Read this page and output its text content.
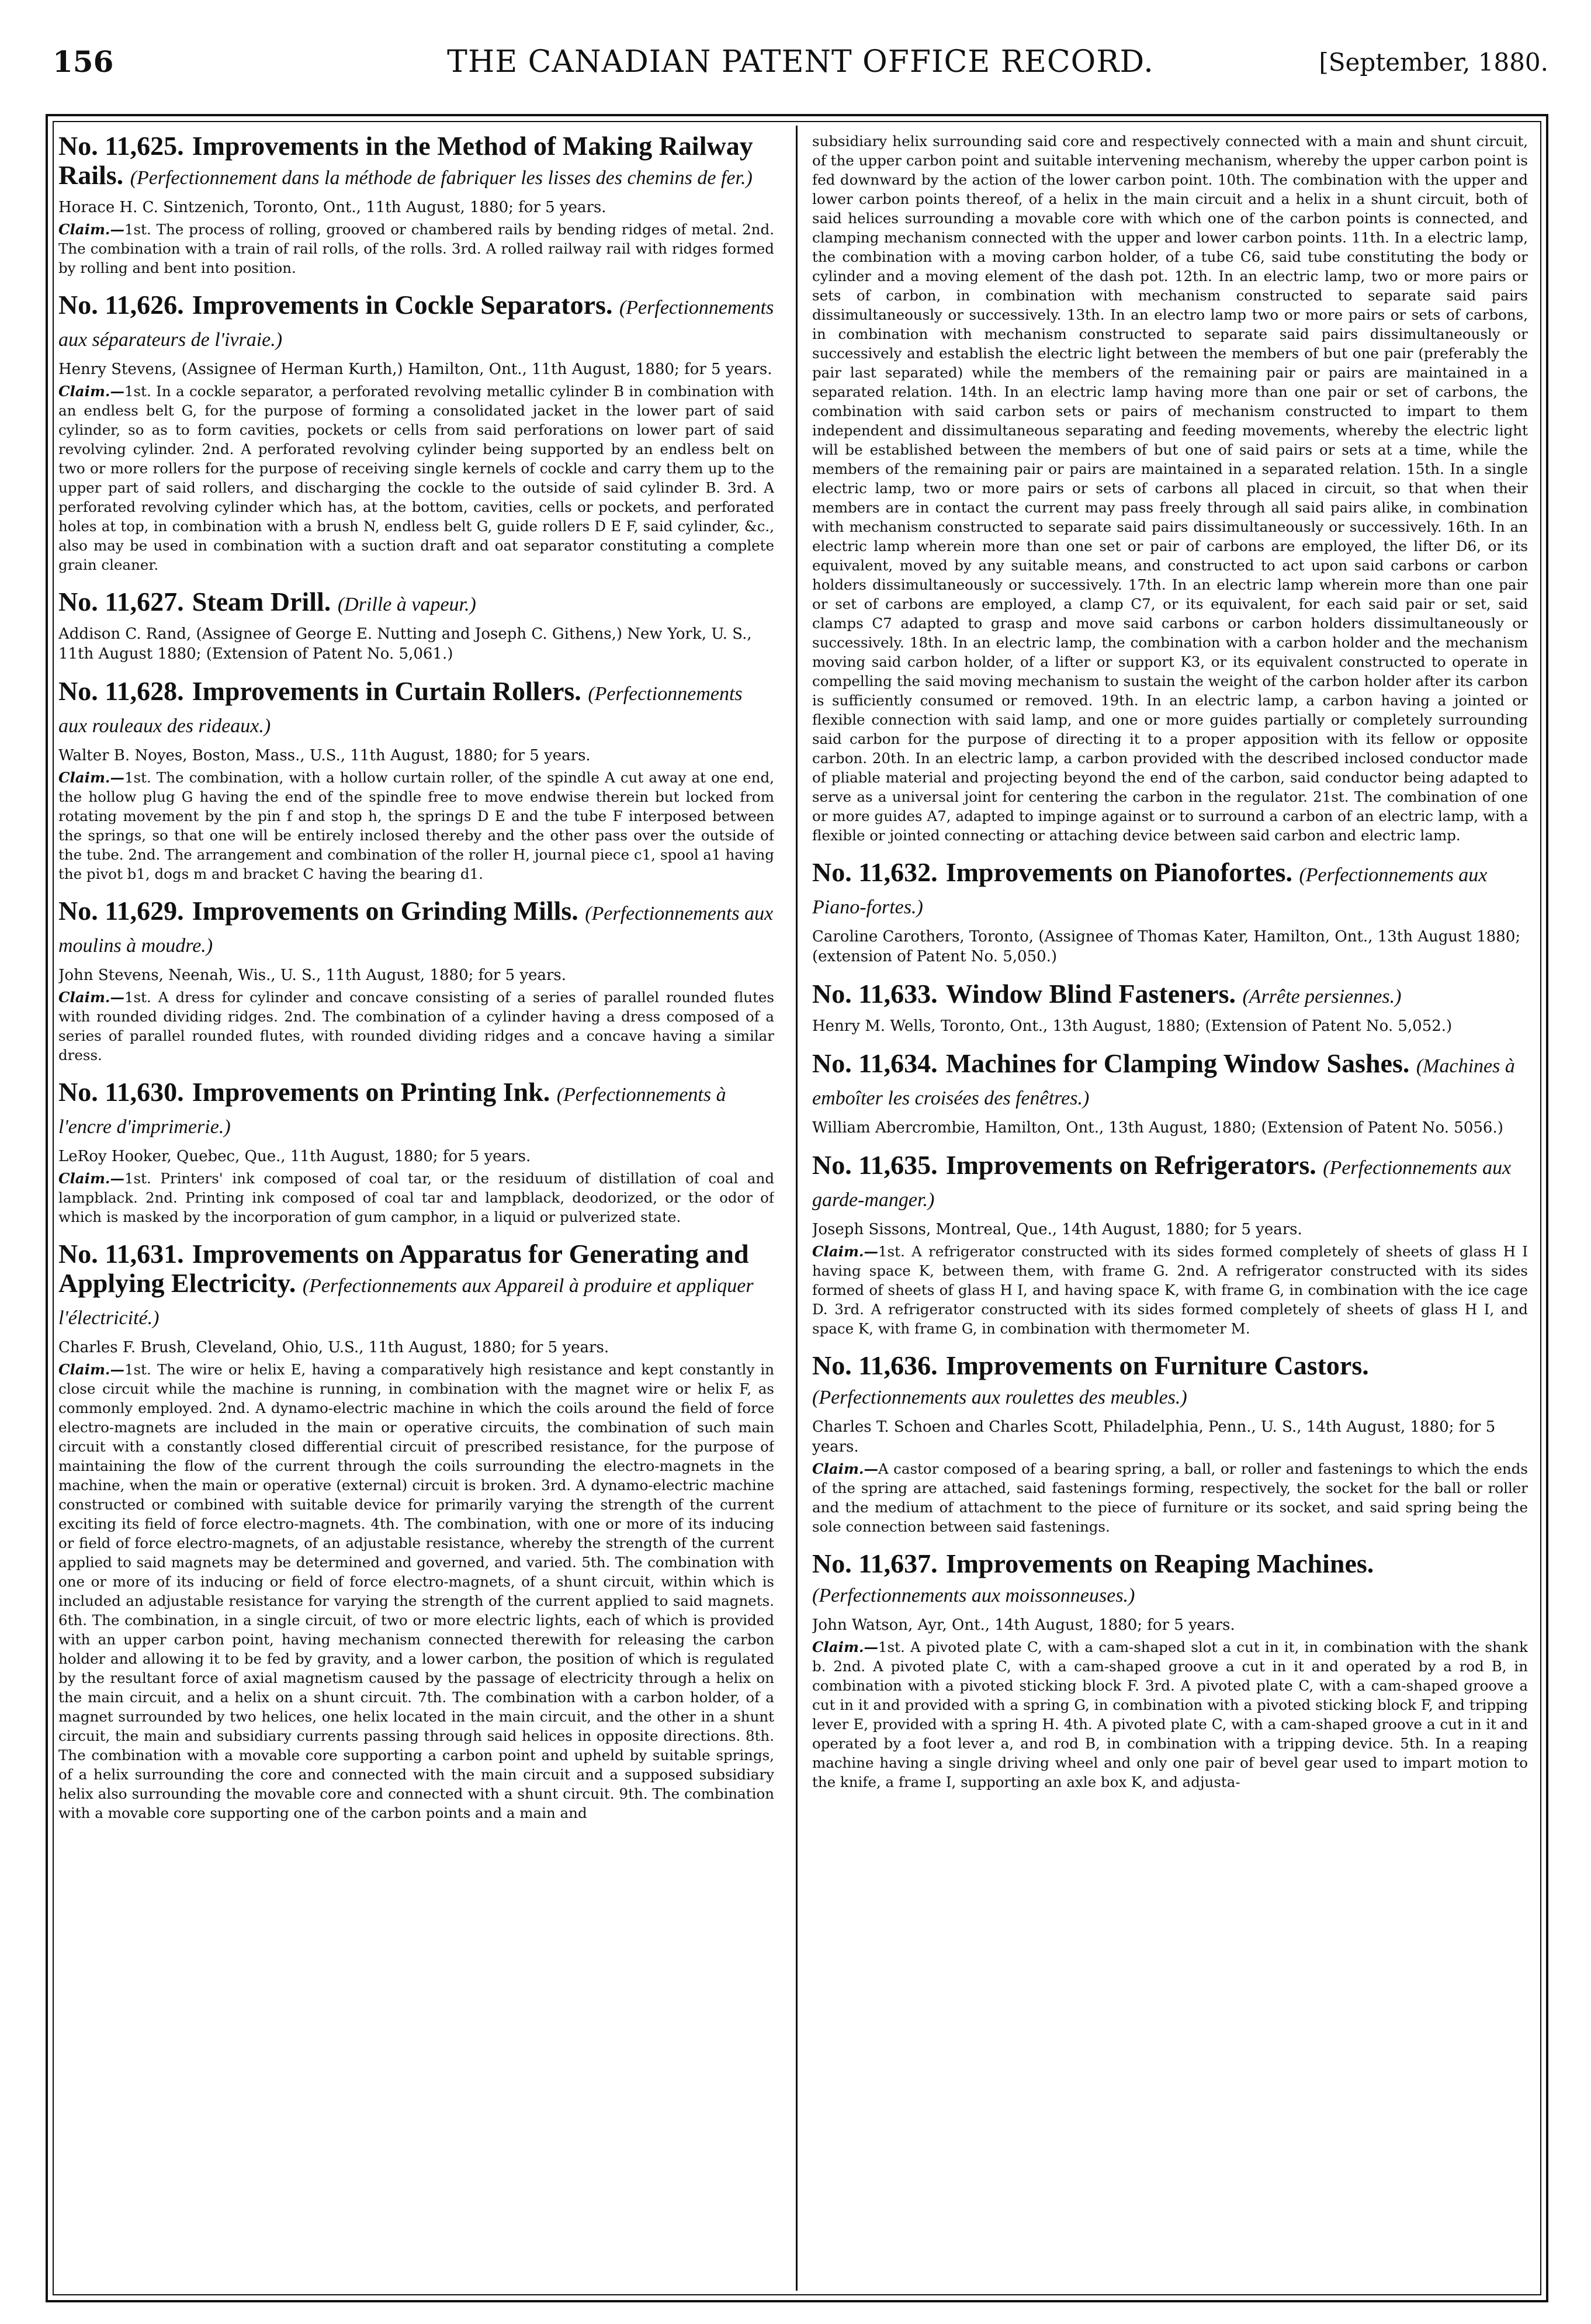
156	THE CANADIAN PATENT OFFICE RECORD.	[September, 1880.
No. 11,625. Improvements in the Method of Making Railway Rails. (Perfectionnement dans la méthode de fabriquer les lisses des chemins de fer.)
Horace H. C. Sintzenich, Toronto, Ont., 11th August, 1880; for 5 years.
Claim.—1st. The process of rolling, grooved or chambered rails by bending ridges of metal. 2nd. The combination with a train of rail rolls, of the rolls. 3rd. A rolled railway rail with ridges formed by rolling and bent into position.
No. 11,626. Improvements in Cockle Separators. (Perfectionnements aux séparateurs de l'ivraie.)
Henry Stevens, (Assignee of Herman Kurth,) Hamilton, Ont., 11th August, 1880; for 5 years.
Claim.—1st. In a cockle separator, a perforated revolving metallic cylinder B in combination with an endless belt G, for the purpose of forming a consolidated jacket in the lower part of said cylinder, so as to form cavities, pockets or cells from said perforations on lower part of said revolving cylinder. 2nd. A perforated revolving cylinder being supported by an endless belt on two or more rollers for the purpose of receiving single kernels of cockle and carry them up to the upper part of said rollers, and discharging the cockle to the outside of said cylinder B. 3rd. A perforated revolving cylinder which has, at the bottom, cavities, cells or pockets, and perforated holes at top, in combination with a brush N, endless belt G, guide rollers D E F, said cylinder, &c., also may be used in combination with a suction draft and oat separator constituting a complete grain cleaner.
No. 11,627. Steam Drill. (Drille à vapeur.)
Addison C. Rand, (Assignee of George E. Nutting and Joseph C. Githens,) New York, U. S., 11th August 1880; (Extension of Patent No. 5,061.)
No. 11,628. Improvements in Curtain Rollers. (Perfectionnements aux rouleaux des rideaux.)
Walter B. Noyes, Boston, Mass., U.S., 11th August, 1880; for 5 years.
Claim.—1st. The combination, with a hollow curtain roller, of the spindle A cut away at one end, the hollow plug G having the end of the spindle free to move endwise therein but locked from rotating movement by the pin f and stop h, the springs D E and the tube F interposed between the springs, so that one will be entirely inclosed thereby and the other pass over the outside of the tube. 2nd. The arrangement and combination of the roller H, journal piece c1, spool a1 having the pivot b1, dogs m and bracket C having the bearing d1.
No. 11,629. Improvements on Grinding Mills. (Perfectionnements aux moulins à moudre.)
John Stevens, Neenah, Wis., U. S., 11th August, 1880; for 5 years.
Claim.—1st. A dress for cylinder and concave consisting of a series of parallel rounded flutes with rounded dividing ridges. 2nd. The combination of a cylinder having a dress composed of a series of parallel rounded flutes, with rounded dividing ridges and a concave having a similar dress.
No. 11,630. Improvements on Printing Ink. (Perfectionnements à l'encre d'imprimerie.)
LeRoy Hooker, Quebec, Que., 11th August, 1880; for 5 years.
Claim.—1st. Printers' ink composed of coal tar, or the residuum of distillation of coal and lampblack. 2nd. Printing ink composed of coal tar and lampblack, deodorized, or the odor of which is masked by the incorporation of gum camphor, in a liquid or pulverized state.
No. 11,631. Improvements on Apparatus for Generating and Applying Electricity. (Perfectionnements aux Appareil à produire et appliquer l'électricité.)
Charles F. Brush, Cleveland, Ohio, U.S., 11th August, 1880; for 5 years.
Claim.—1st. The wire or helix E, having a comparatively high resistance and kept constantly in close circuit while the machine is running, in combination with the magnet wire or helix F, as commonly employed. 2nd. A dynamo-electric machine in which the coils around the field of force electro-magnets are included in the main or operative circuits, the combination of such main circuit with a constantly closed differential circuit of prescribed resistance, for the purpose of maintaining the flow of the current through the coils surrounding the electro-magnets in the machine, when the main or operative (external) circuit is broken. 3rd. A dynamo-electric machine constructed or combined with suitable device for primarily varying the strength of the current exciting its field of force electro-magnets. 4th. The combination, with one or more of its inducing or field of force electro-magnets, of an adjustable resistance, whereby the strength of the current applied to said magnets may be determined and governed, and varied. 5th. The combination with one or more of its inducing or field of force electro-magnets, of a shunt circuit, within which is included an adjustable resistance for varying the strength of the current applied to said magnets. 6th. The combination, in a single circuit, of two or more electric lights, each of which is provided with an upper carbon point, having mechanism connected therewith for releasing the carbon holder and allowing it to be fed by gravity, and a lower carbon, the position of which is regulated by the resultant force of axial magnetism caused by the passage of electricity through a helix on the main circuit, and a helix on a shunt circuit. 7th. The combination with a carbon holder, of a magnet surrounded by two helices, one helix located in the main circuit, and the other in a shunt circuit, the main and subsidiary currents passing through said helices in opposite directions. 8th. The combination with a movable core supporting a carbon point and upheld by suitable springs, of a helix surrounding the core and connected with the main circuit and a supposed subsidiary helix also surrounding the movable core and connected with a shunt circuit. 9th. The combination with a movable core supporting one of the carbon points and a main and
subsidiary helix surrounding said core and respectively connected with a main and shunt circuit, of the upper carbon point and suitable intervening mechanism, whereby the upper carbon point is fed downward by the action of the lower carbon point. 10th. The combination with the upper and lower carbon points thereof, of a helix in the main circuit and a helix in a shunt circuit, both of said helices surrounding a movable core with which one of the carbon points is connected, and clamping mechanism connected with the upper and lower carbon points. 11th. In a electric lamp, the combination with a moving carbon holder, of a tube C6, said tube constituting the body or cylinder and a moving element of the dash pot. 12th. In an electric lamp, two or more pairs or sets of carbon, in combination with mechanism constructed to separate said pairs dissimultaneously or successively. 13th. In an electro lamp two or more pairs or sets of carbons, in combination with mechanism constructed to separate said pairs dissimultaneously or successively and establish the electric light between the members of but one pair (preferably the pair last separated) while the members of the remaining pair or pairs are maintained in a separated relation. 14th. In an electric lamp having more than one pair or set of carbons, the combination with said carbon sets or pairs of mechanism constructed to impart to them independent and dissimultaneous separating and feeding movements, whereby the electric light will be established between the members of but one of said pairs or sets at a time, while the members of the remaining pair or pairs are maintained in a separated relation. 15th. In a single electric lamp, two or more pairs or sets of carbons all placed in circuit, so that when their members are in contact the current may pass freely through all said pairs alike, in combination with mechanism constructed to separate said pairs dissimultaneously or successively. 16th. In an electric lamp wherein more than one set or pair of carbons are employed, the lifter D6, or its equivalent, moved by any suitable means, and constructed to act upon said carbons or carbon holders dissimultaneously or successively. 17th. In an electric lamp wherein more than one pair or set of carbons are employed, a clamp C7, or its equivalent, for each said pair or set, said clamps C7 adapted to grasp and move said carbons or carbon holders dissimultaneously or successively. 18th. In an electric lamp, the combination with a carbon holder and the mechanism moving said carbon holder, of a lifter or support K3, or its equivalent constructed to operate in compelling the said moving mechanism to sustain the weight of the carbon holder after its carbon is sufficiently consumed or removed. 19th. In an electric lamp, a carbon having a jointed or flexible connection with said lamp, and one or more guides partially or completely surrounding said carbon for the purpose of directing it to a proper apposition with its fellow or opposite carbon. 20th. In an electric lamp, a carbon provided with the described inclosed conductor made of pliable material and projecting beyond the end of the carbon, said conductor being adapted to serve as a universal joint for centering the carbon in the regulator. 21st. The combination of one or more guides A7, adapted to impinge against or to surround a carbon of an electric lamp, with a flexible or jointed connecting or attaching device between said carbon and electric lamp.
No. 11,632. Improvements on Pianofortes. (Perfectionnements aux Piano-fortes.)
Caroline Carothers, Toronto, (Assignee of Thomas Kater, Hamilton, Ont., 13th August 1880; (extension of Patent No. 5,050.)
No. 11,633. Window Blind Fasteners. (Arrête persiennes.)
Henry M. Wells, Toronto, Ont., 13th August, 1880; (Extension of Patent No. 5,052.)
No. 11,634. Machines for Clamping Window Sashes. (Machines à emboîter les croisées des fenêtres.)
William Abercrombie, Hamilton, Ont., 13th August, 1880; (Extension of Patent No. 5056.)
No. 11,635. Improvements on Refrigerators. (Perfectionnements aux garde-manger.)
Joseph Sissons, Montreal, Que., 14th August, 1880; for 5 years.
Claim.—1st. A refrigerator constructed with its sides formed completely of sheets of glass H I having space K, between them, with frame G. 2nd. A refrigerator constructed with its sides formed of sheets of glass H I, and having space K, with frame G, in combination with the ice cage D. 3rd. A refrigerator constructed with its sides formed completely of sheets of glass H I, and space K, with frame G, in combination with thermometer M.
No. 11,636. Improvements on Furniture Castors. (Perfectionnements aux roulettes des meubles.)
Charles T. Schoen and Charles Scott, Philadelphia, Penn., U. S., 14th August, 1880; for 5 years.
Claim.—A castor composed of a bearing spring, a ball, or roller and fastenings to which the ends of the spring are attached, said fastenings forming, respectively, the socket for the ball or roller and the medium of attachment to the piece of furniture or its socket, and said spring being the sole connection between said fastenings.
No. 11,637. Improvements on Reaping Machines. (Perfectionnements aux moissonneuses.)
John Watson, Ayr, Ont., 14th August, 1880; for 5 years.
Claim.—1st. A pivoted plate C, with a cam-shaped slot a cut in it, in combination with the shank b. 2nd. A pivoted plate C, with a cam-shaped groove a cut in it and operated by a rod B, in combination with a pivoted sticking block F. 3rd. A pivoted plate C, with a cam-shaped groove a cut in it and provided with a spring G, in combination with a pivoted sticking block F, and tripping lever E, provided with a spring H. 4th. A pivoted plate C, with a cam-shaped groove a cut in it and operated by a foot lever a, and rod B, in combination with a tripping device. 5th. In a reaping machine having a single driving wheel and only one pair of bevel gear used to impart motion to the knife, a frame I, supporting an axle box K, and adjusta-
